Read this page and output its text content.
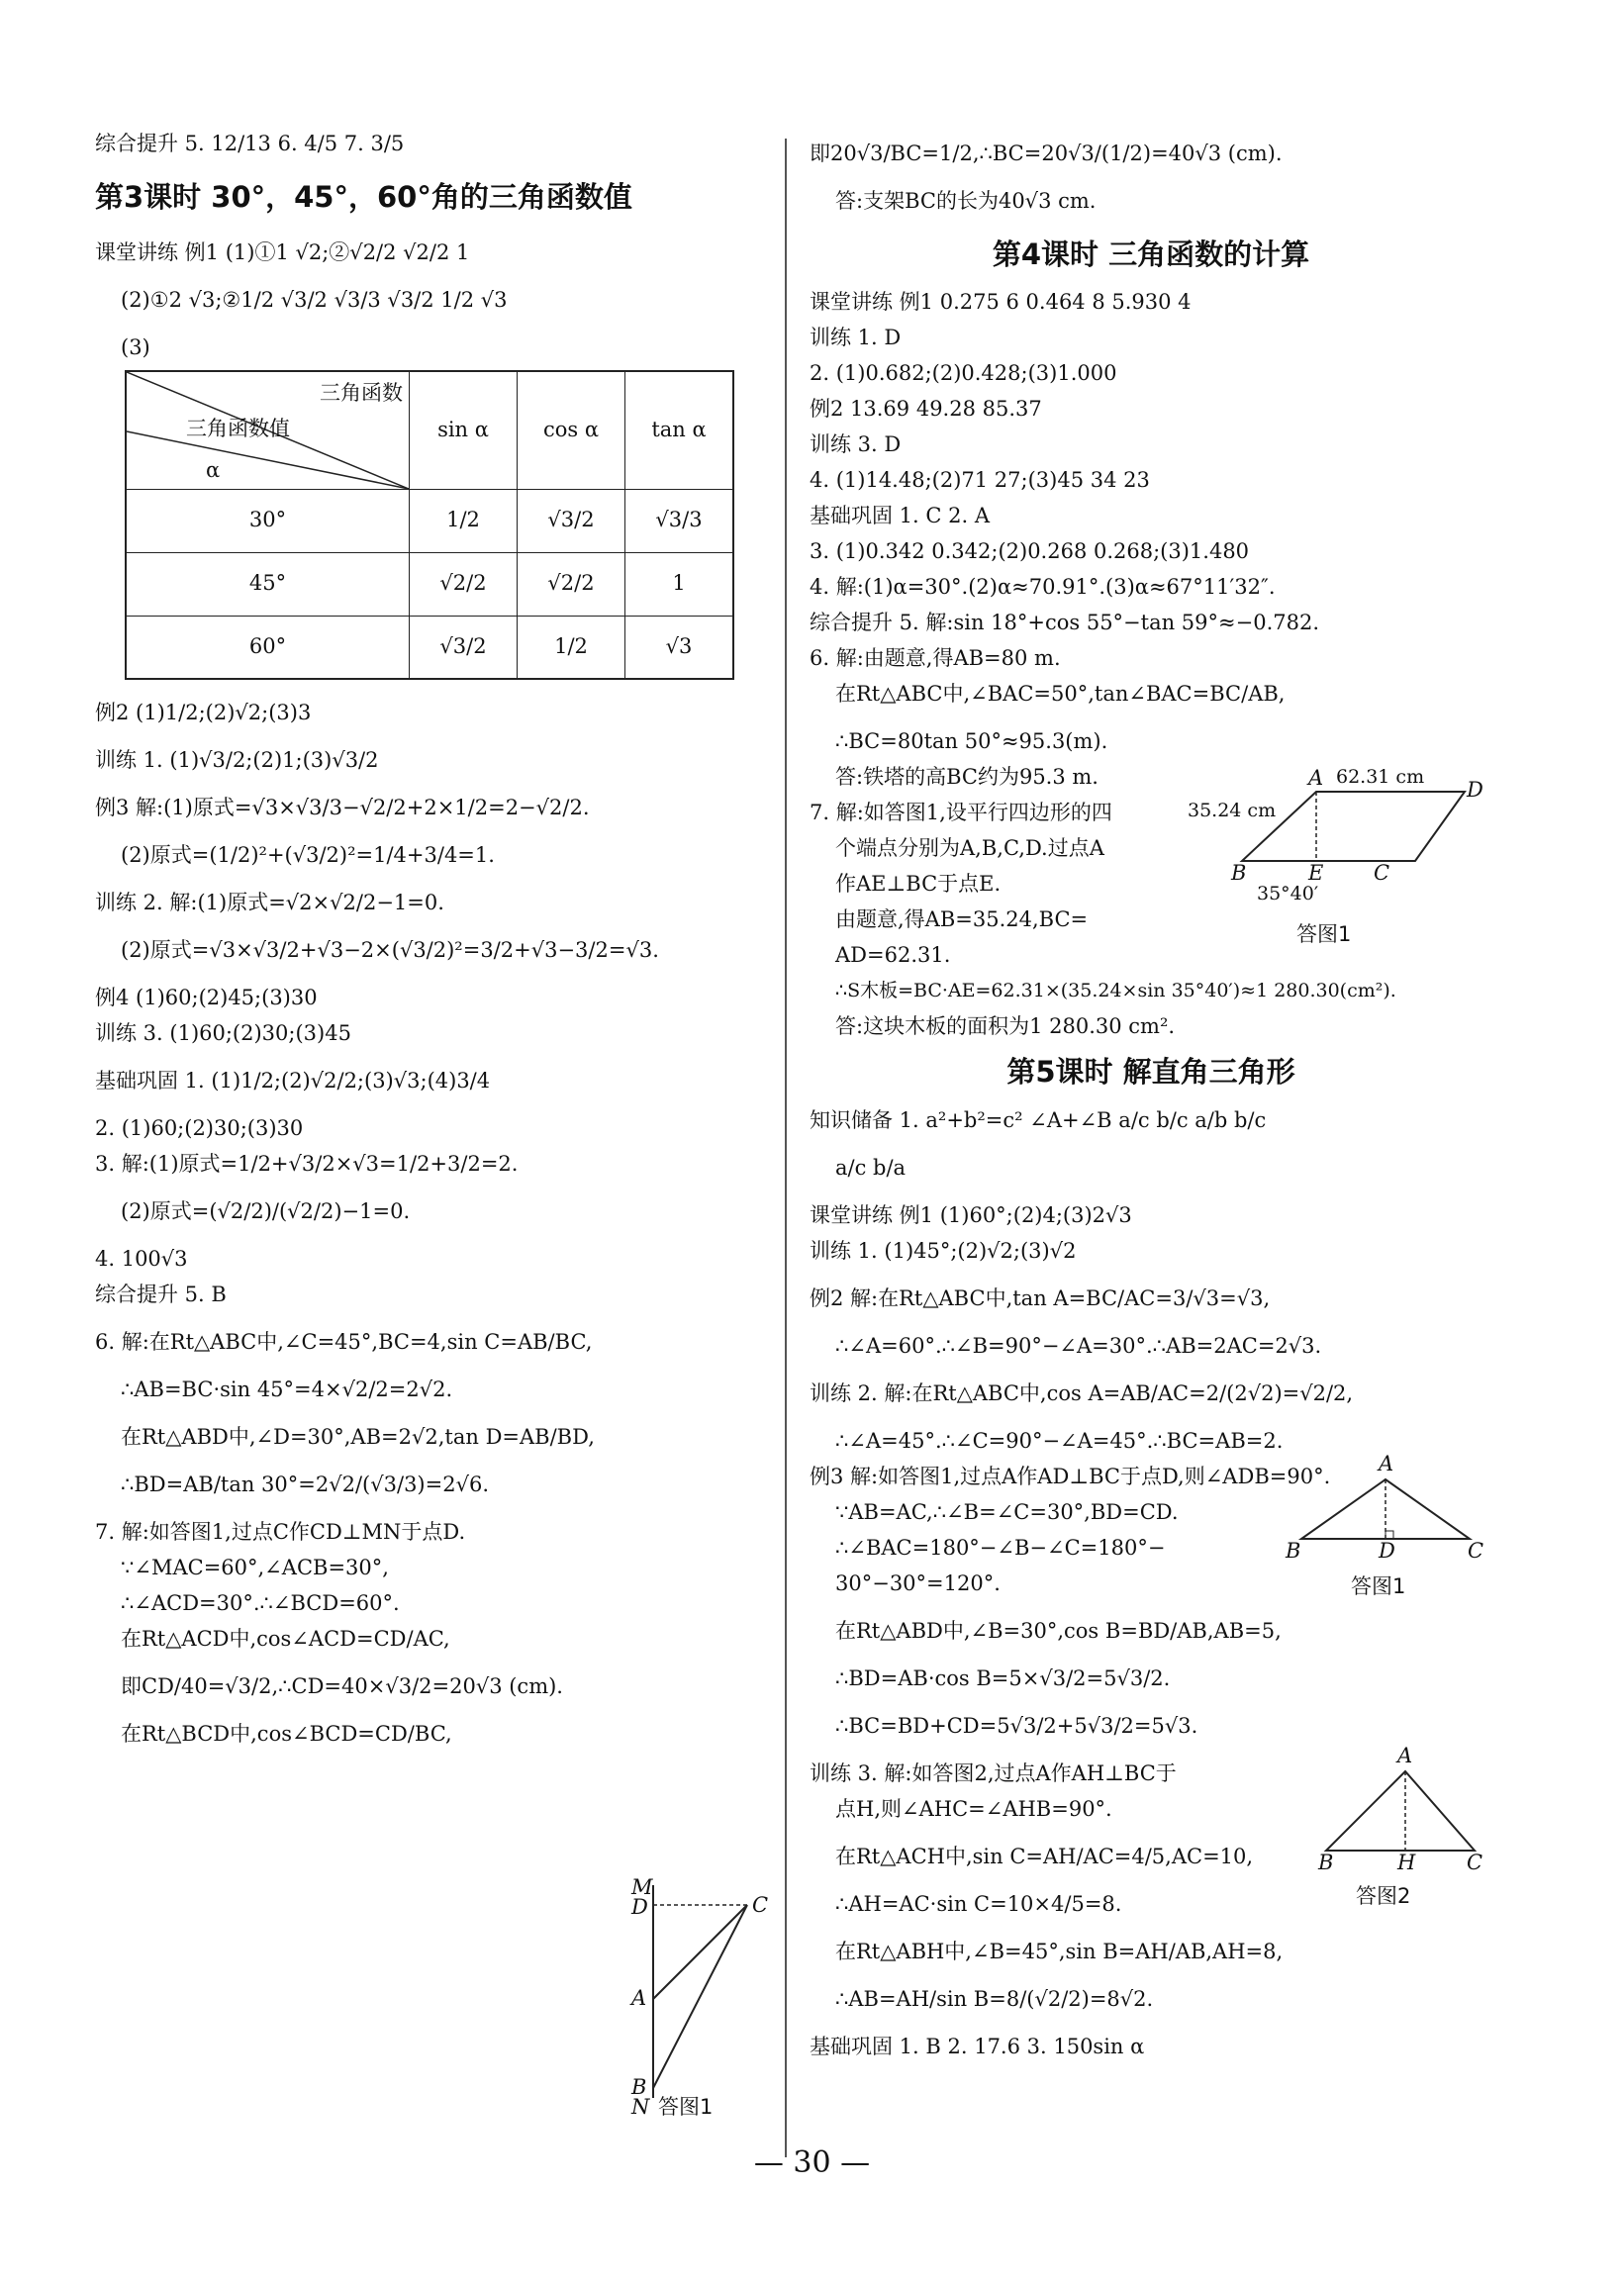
综合提升 5. 12/13 6. 4/5 7. 3/5
第3课时 30°，45°，60°角的三角函数值
课堂讲练 例1 (1)①1 √2;②√2/2 √2/2 1
(2)①2 √3;②1/2 √3/2 √3/3 √3/2 1/2 √3
(3)
三角函数
三角函数值
α	sin α	cos α	tan α
30°	1/2	√3/2	√3/3
45°	√2/2	√2/2	1
60°	√3/2	1/2	√3
例2 (1)1/2;(2)√2;(3)3
训练 1. (1)√3/2;(2)1;(3)√3/2
例3 解:(1)原式=√3×√3/3−√2/2+2×1/2=2−√2/2.
(2)原式=(1/2)²+(√3/2)²=1/4+3/4=1.
训练 2. 解:(1)原式=√2×√2/2−1=0.
(2)原式=√3×√3/2+√3−2×(√3/2)²=3/2+√3−3/2=√3.
例4 (1)60;(2)45;(3)30
训练 3. (1)60;(2)30;(3)45
基础巩固 1. (1)1/2;(2)√2/2;(3)√3;(4)3/4
2. (1)60;(2)30;(3)30
3. 解:(1)原式=1/2+√3/2×√3=1/2+3/2=2.
(2)原式=(√2/2)/(√2/2)−1=0.
4. 100√3
综合提升 5. B
6. 解:在Rt△ABC中,∠C=45°,BC=4,sin C=AB/BC,
∴AB=BC·sin 45°=4×√2/2=2√2.
在Rt△ABD中,∠D=30°,AB=2√2,tan D=AB/BD,
∴BD=AB/tan 30°=2√2/(√3/3)=2√6.
7. 解:如答图1,过点C作CD⊥MN于点D.
∵∠MAC=60°,∠ACB=30°,
∴∠ACD=30°.∴∠BCD=60°.
在Rt△ACD中,cos∠ACD=CD/AC,
即CD/40=√3/2,∴CD=40×√3/2=20√3 (cm).
在Rt△BCD中,cos∠BCD=CD/BC,
M
D	C
A
B
N 答图1
即20√3/BC=1/2,∴BC=20√3/(1/2)=40√3 (cm).
答:支架BC的长为40√3 cm.
第4课时 三角函数的计算
课堂讲练 例1 0.275 6 0.464 8 5.930 4
训练 1. D
2. (1)0.682;(2)0.428;(3)1.000
例2 13.69 49.28 85.37
训练 3. D
4. (1)14.48;(2)71 27;(3)45 34 23
基础巩固 1. C 2. A
3. (1)0.342 0.342;(2)0.268 0.268;(3)1.480
4. 解:(1)α=30°.(2)α≈70.91°.(3)α≈67°11′32″.
综合提升 5. 解:sin 18°+cos 55°−tan 59°≈−0.782.
6. 解:由题意,得AB=80 m.
在Rt△ABC中,∠BAC=50°,tan∠BAC=BC/AB,
∴BC=80tan 50°≈95.3(m).
答:铁塔的高BC约为95.3 m.
7. 解:如答图1,设平行四边形的四
个端点分别为A,B,C,D.过点A
作AE⊥BC于点E.
由题意,得AB=35.24,BC=
AD=62.31.
∴S木板=BC·AE=62.31×(35.24×sin 35°40′)≈1 280.30(cm²).
答:这块木板的面积为1 280.30 cm².
第5课时 解直角三角形
知识储备 1. a²+b²=c² ∠A+∠B a/c b/c a/b b/c
a/c b/a
课堂讲练 例1 (1)60°;(2)4;(3)2√3
训练 1. (1)45°;(2)√2;(3)√2
例2 解:在Rt△ABC中,tan A=BC/AC=3/√3=√3,
∴∠A=60°.∴∠B=90°−∠A=30°.∴AB=2AC=2√3.
训练 2. 解:在Rt△ABC中,cos A=AB/AC=2/(2√2)=√2/2,
∴∠A=45°.∴∠C=90°−∠A=45°.∴BC=AB=2.
例3 解:如答图1,过点A作AD⊥BC于点D,则∠ADB=90°.
∵AB=AC,∴∠B=∠C=30°,BD=CD.
∴∠BAC=180°−∠B−∠C=180°−
30°−30°=120°.
在Rt△ABD中,∠B=30°,cos B=BD/AB,AB=5,
∴BD=AB·cos B=5×√3/2=5√3/2.
∴BC=BD+CD=5√3/2+5√3/2=5√3.
训练 3. 解:如答图2,过点A作AH⊥BC于
点H,则∠AHC=∠AHB=90°.
在Rt△ACH中,sin C=AH/AC=4/5,AC=10,
∴AH=AC·sin C=10×4/5=8.
在Rt△ABH中,∠B=45°,sin B=AH/AB,AH=8,
∴AB=AH/sin B=8/(√2/2)=8√2.
基础巩固 1. B 2. 17.6 3. 150sin α
A	D
B	E C
62.31 cm
35.24 cm
35°40′
答图1
A
B	D	C
答图1
A
B	H C
答图2
— 30 —
